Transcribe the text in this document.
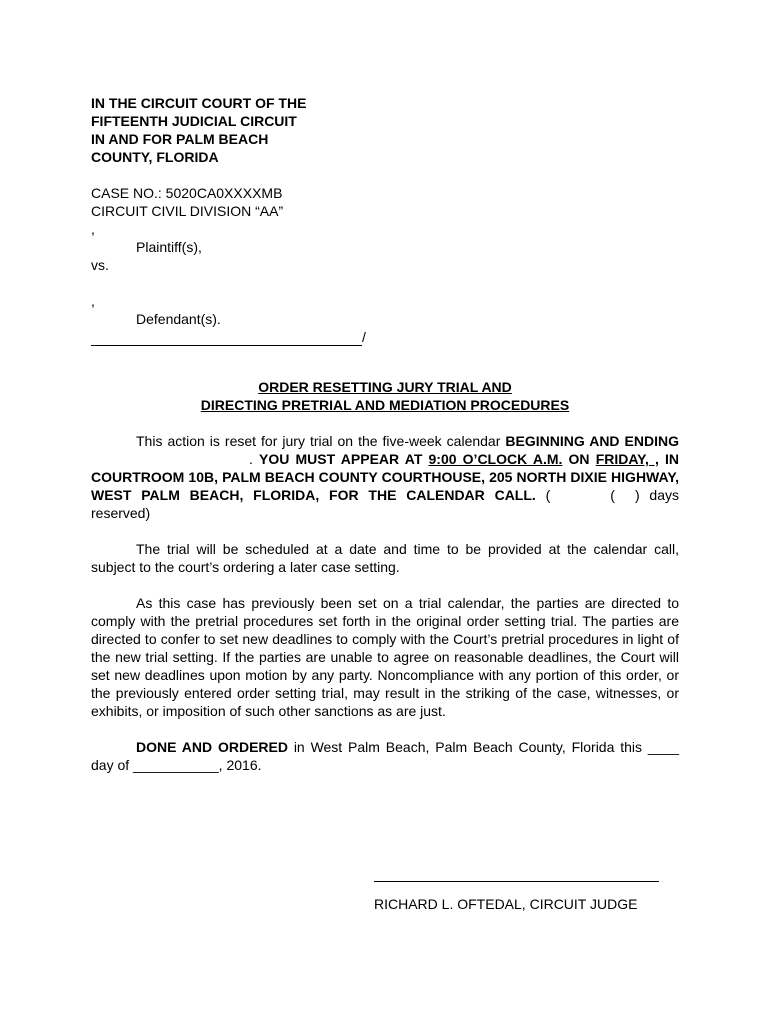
IN THE CIRCUIT COURT OF THE
FIFTEENTH JUDICIAL CIRCUIT
IN AND FOR PALM BEACH
COUNTY, FLORIDA
CASE NO.: 5020CA0XXXXMB
CIRCUIT CIVIL DIVISION “AA”
,
Plaintiff(s),
vs.
,
Defendant(s).
/
ORDER RESETTING JURY TRIAL AND
DIRECTING PRETRIAL AND MEDIATION PROCEDURES

This action is reset for jury trial on the five-week calendar BEGINNING AND ENDING. YOU MUST APPEAR AT 9:00 O’CLOCK A.M. ON FRIDAY, , IN COURTROOM 10B, PALM BEACH COUNTY COURTHOUSE, 205 NORTH DIXIE HIGHWAY, WEST PALM BEACH, FLORIDA, FOR THE CALENDAR CALL. (	( ) days reserved)

The trial will be scheduled at a date and time to be provided at the calendar call, subject to the court’s ordering a later case setting.

As this case has previously been set on a trial calendar, the parties are directed to comply with the pretrial procedures set forth in the original order setting trial. The parties are directed to confer to set new deadlines to comply with the Court’s pretrial procedures in light of the new trial setting. If the parties are unable to agree on reasonable deadlines, the Court will set new deadlines upon motion by any party. Noncompliance with any portion of this order, or the previously entered order setting trial, may result in the striking of the case, witnesses, or exhibits, or imposition of such other sanctions as are just.

DONE AND ORDERED in West Palm Beach, Palm Beach County, Florida this ____ day of ___________, 2016.

RICHARD L. OFTEDAL, CIRCUIT JUDGE
